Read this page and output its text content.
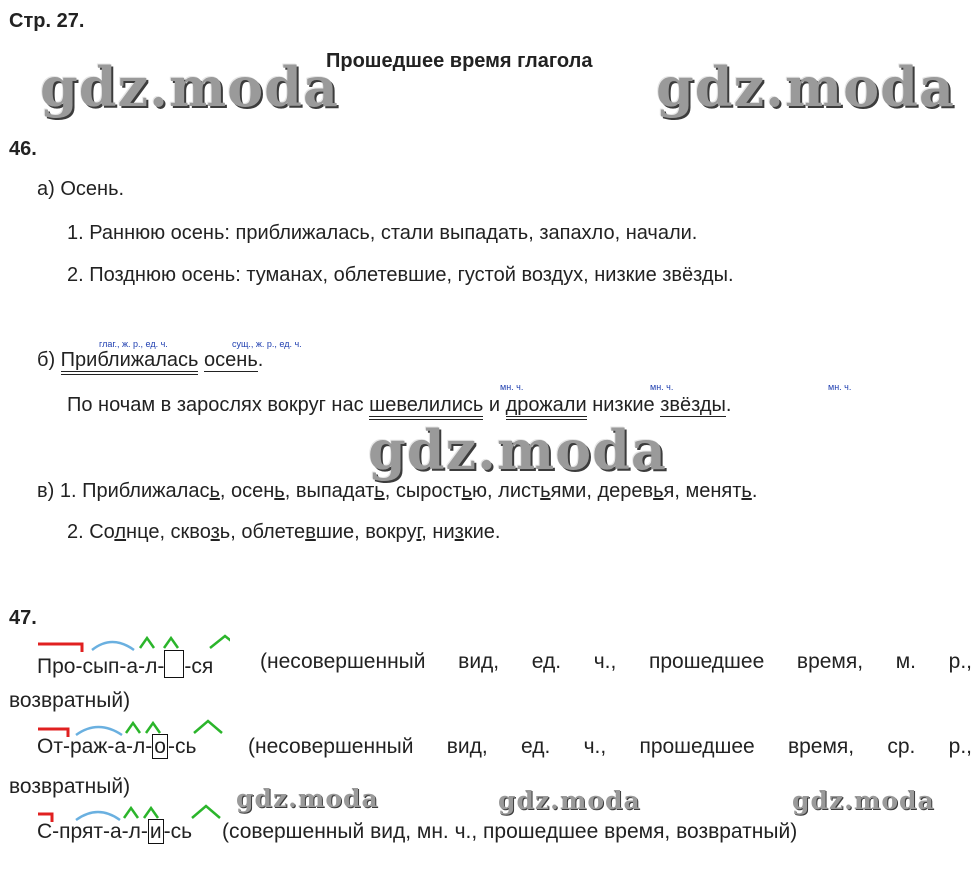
Стр. 27.
Прошедшее время глагола
gdz.moda	gdz.moda
gdz.moda
gdz.moda	gdz.moda	gdz.moda
46.
а) Осень.
1. Раннюю осень: приближалась, стали выпадать, запахло, начали.
2. Позднюю осень: туманах, облетевшие, густой воздух, низкие звёзды.
глаг., ж. р., ед. ч.	сущ., ж. р., ед. ч.
б) Приближалась осень.
мн. ч.	мн. ч.	мн. ч.
По ночам в зарослях вокруг нас шевелились и дрожали низкие звёзды.
в) 1. Приближалась, осень, выпадать, сыростью, листьями, деревья, менять.
2. Солнце, сквозь, облетевшие, вокруг, низкие.
47.
Про-сып-а-л- -ся (несовершенный вид, ед. ч., прошедшее время, м. р.,
возвратный)
От-раж-а-л-о-сь (несовершенный вид, ед. ч., прошедшее время, ср. р.,
возвратный)
С-прят-а-л-и-сь (совершенный вид, мн. ч., прошедшее время, возвратный)
